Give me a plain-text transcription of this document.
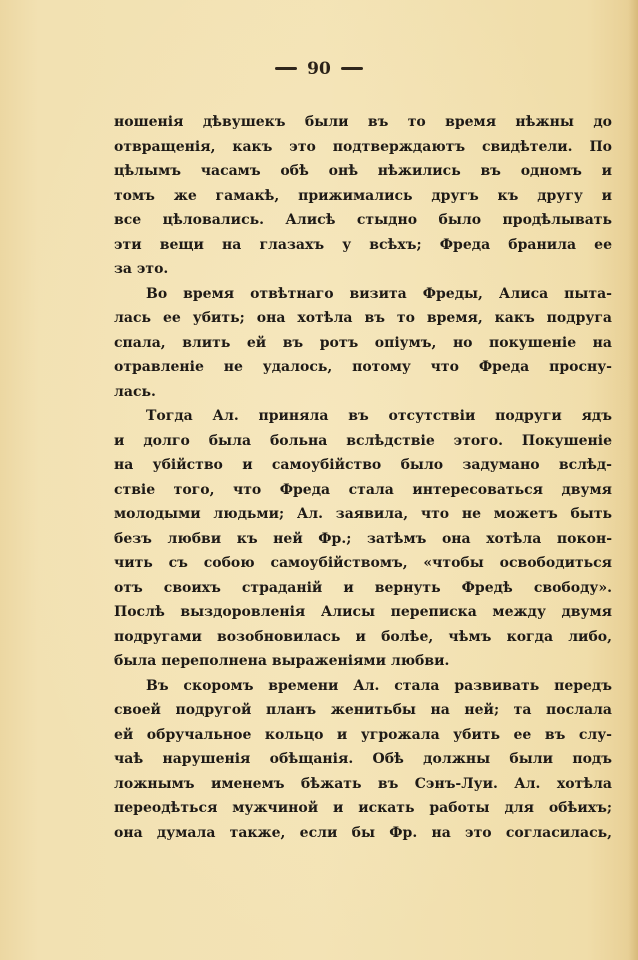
90
ношенія дѣвушекъ были въ то время нѣжны до
отвращенія, какъ это подтверждаютъ свидѣтели. По
цѣлымъ часамъ обѣ онѣ нѣжились въ одномъ и
томъ же гамакѣ, прижимались другъ къ другу и
все цѣловались. Алисѣ стыдно было продѣлывать
эти вещи на глазахъ у всѣхъ; Фреда бранила ее
за это.
Во время отвѣтнаго визита Фреды, Алиса пыта-
лась ее убить; она хотѣла въ то время, какъ подруга
спала, влить ей въ ротъ опіумъ, но покушеніе на
отравленіе не удалось, потому что Фреда просну-
лась.
Тогда Ал. приняла въ отсутствіи подруги ядъ
и долго была больна вслѣдствіе этого. Покушеніе
на убійство и самоубійство было задумано вслѣд-
ствіе того, что Фреда стала интересоваться двумя
молодыми людьми; Ал. заявила, что не можетъ быть
безъ любви къ ней Фр.; затѣмъ она хотѣла покон-
чить съ собою самоубійствомъ, «чтобы освободиться
отъ своихъ страданій и вернуть Фредѣ свободу».
Послѣ выздоровленія Алисы переписка между двумя
подругами возобновилась и болѣе, чѣмъ когда либо,
была переполнена выраженіями любви.
Въ скоромъ времени Ал. стала развивать передъ
своей подругой планъ женитьбы на ней; та послала
ей обручальное кольцо и угрожала убить ее въ слу-
чаѣ нарушенія обѣщанія. Обѣ должны были подъ
ложнымъ именемъ бѣжать въ Сэнъ-Луи. Ал. хотѣла
переодѣться мужчиной и искать работы для обѣихъ;
она думала также, если бы Фр. на это согласилась,
